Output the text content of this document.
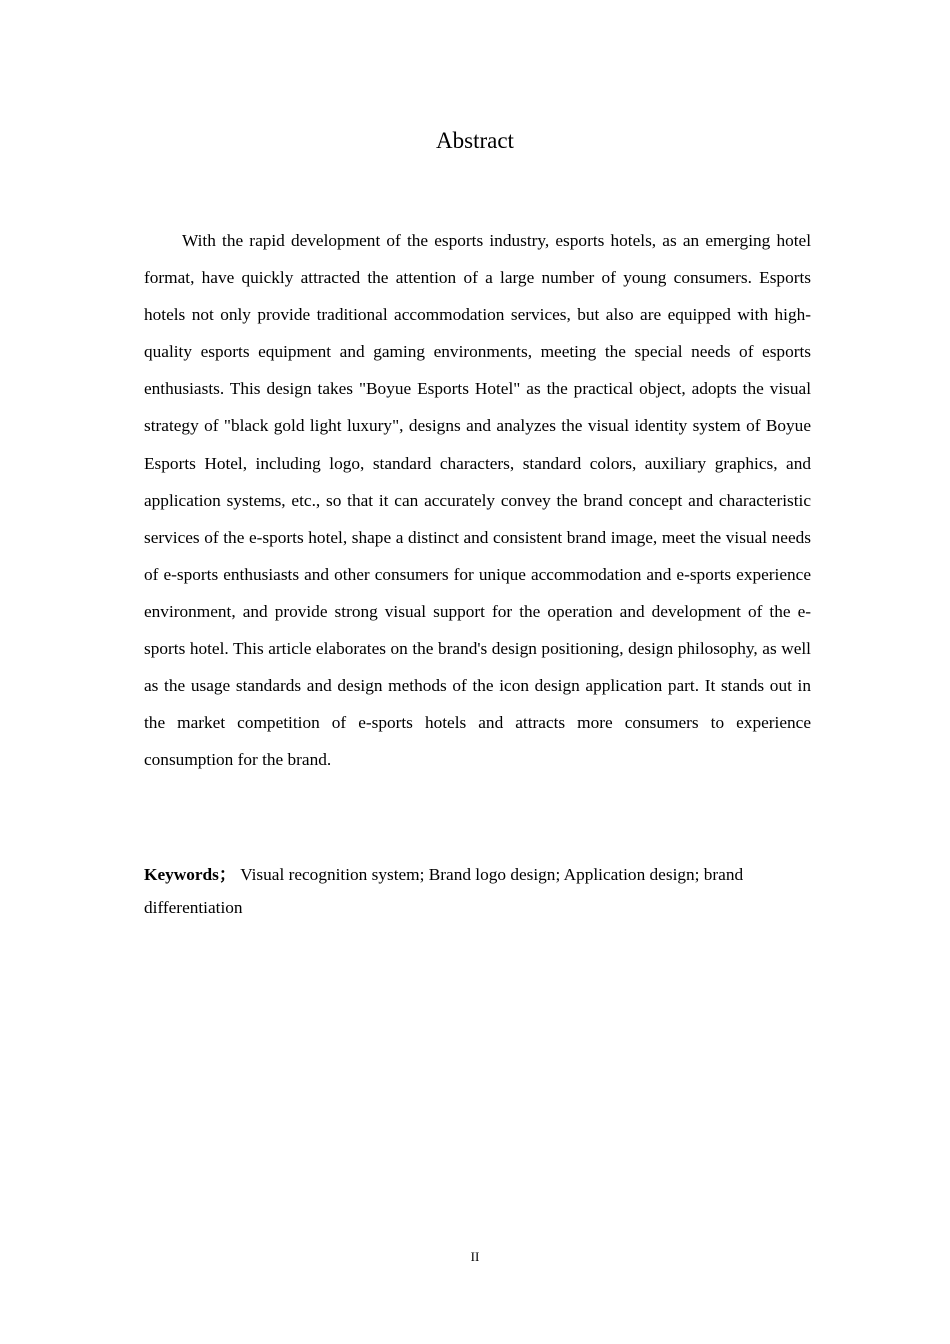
Abstract

With the rapid development of the esports industry, esports hotels, as an emerging hotel format, have quickly attracted the attention of a large number of young consumers. Esports hotels not only provide traditional accommodation services, but also are equipped with high-quality esports equipment and gaming environments, meeting the special needs of esports enthusiasts. This design takes "Boyue Esports Hotel" as the practical object, adopts the visual strategy of "black gold light luxury", designs and analyzes the visual identity system of Boyue Esports Hotel, including logo, standard characters, standard colors, auxiliary graphics, and application systems, etc., so that it can accurately convey the brand concept and characteristic services of the e-sports hotel, shape a distinct and consistent brand image, meet the visual needs of e-sports enthusiasts and other consumers for unique accommodation and e-sports experience environment, and provide strong visual support for the operation and development of the e-sports hotel. This article elaborates on the brand's design positioning, design philosophy, as well as the usage standards and design methods of the icon design application part. It stands out in the market competition of e-sports hotels and attracts more consumers to experience consumption for the brand.

Keywords； Visual recognition system; Brand logo design; Application design; brand differentiation

II
